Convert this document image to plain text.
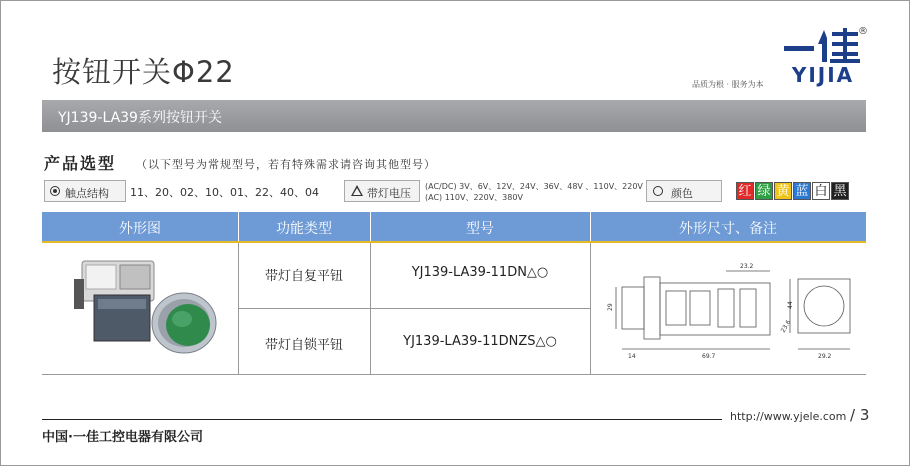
按钮开关Φ22	YIJIA
®
品质为根 · 服务为本
YJ139-LA39系列按钮开关
产品选型 （以下型号为常规型号，若有特殊需求请咨询其他型号）
触点结构 11、20、02、10、01、22、40、04	带灯电压
(AC/DC) 3V、6V、12V、24V、36V、48V 、110V、220V
(AC) 110V、220V、380V	颜色	红 绿 黄 蓝 白 黑
外形图	功能类型	型号	外形尺寸、备注
带灯自复平钮	YJ139-LA39-11DN△○
带灯自锁平钮	YJ139-LA39-11DNZS△○
29
23.2
44
23.6
14	69.7	29.2
中国·一佳工控电器有限公司
http://www.yjele.com / 3
